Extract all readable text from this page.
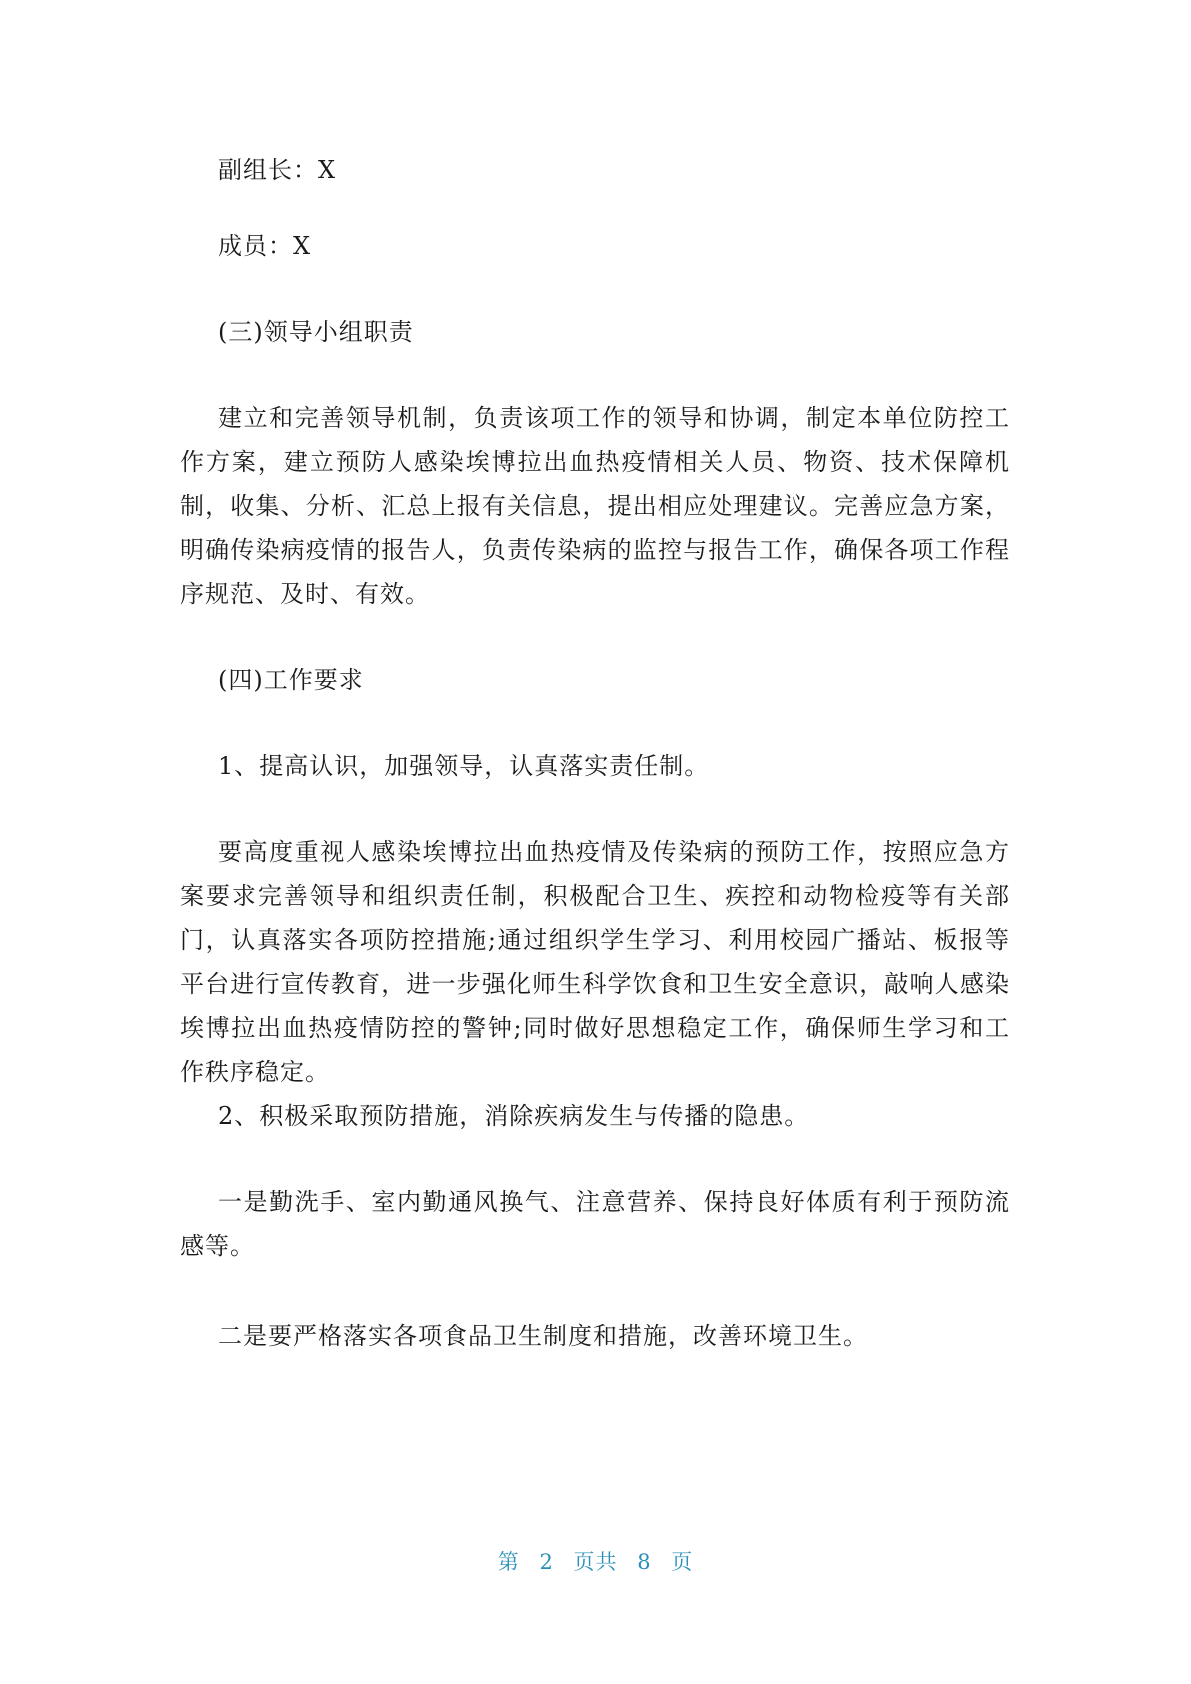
副组长：X
成员：X
(三)领导小组职责

建立和完善领导机制，负责该项工作的领导和协调，制定本单位防控工作方案，建立预防人感染埃博拉出血热疫情相关人员、物资、技术保障机制，收集、分析、汇总上报有关信息，提出相应处理建议。完善应急方案，明确传染病疫情的报告人，负责传染病的监控与报告工作，确保各项工作程序规范、及时、有效。

(四)工作要求
1、提高认识，加强领导，认真落实责任制。

要高度重视人感染埃博拉出血热疫情及传染病的预防工作，按照应急方案要求完善领导和组织责任制，积极配合卫生、疾控和动物检疫等有关部门，认真落实各项防控措施;通过组织学生学习、利用校园广播站、板报等平台进行宣传教育，进一步强化师生科学饮食和卫生安全意识，敲响人感染埃博拉出血热疫情防控的警钟;同时做好思想稳定工作，确保师生学习和工作秩序稳定。

2、积极采取预防措施，消除疾病发生与传播的隐患。

一是勤洗手、室内勤通风换气、注意营养、保持良好体质有利于预防流感等。

二是要严格落实各项食品卫生制度和措施，改善环境卫生。
第 2 页共 8 页
